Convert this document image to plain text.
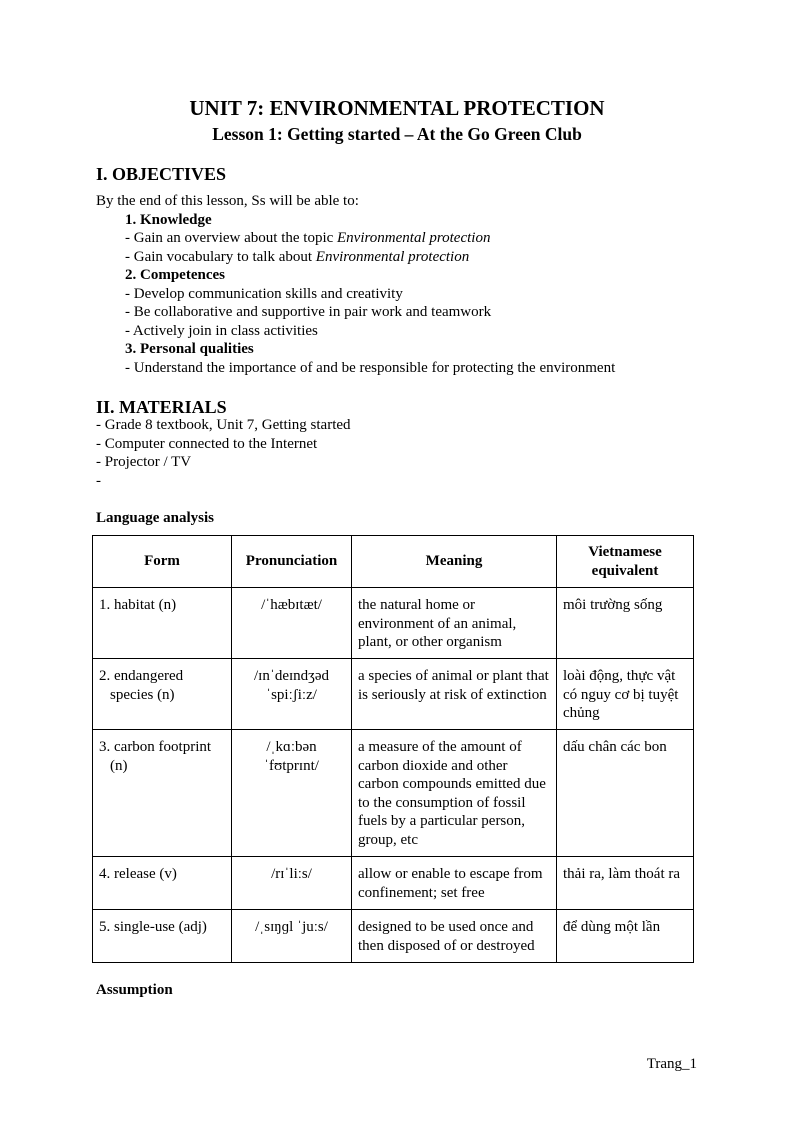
UNIT 7: ENVIRONMENTAL PROTECTION
Lesson 1: Getting started – At the Go Green Club
I. OBJECTIVES
By the end of this lesson, Ss will be able to:
1. Knowledge
- Gain an overview about the topic Environmental protection
- Gain vocabulary to talk about Environmental protection
2. Competences
- Develop communication skills and creativity
- Be collaborative and supportive in pair work and teamwork
- Actively join in class activities
3. Personal qualities
- Understand the importance of and be responsible for protecting the environment
II. MATERIALS
- Grade 8 textbook, Unit 7, Getting started
- Computer connected to the Internet
- Projector / TV
-
Language analysis
Form	Pronunciation	Meaning	Vietnamese equivalent
1. habitat (n)	/ˈhæbɪtæt/	the natural home or environment of an animal, plant, or other organism	môi trường sống
2. endangered species (n)	/ɪnˈdeɪndʒəd ˈspiːʃiːz/	a species of animal or plant that is seriously at risk of extinction	loài động, thực vật có nguy cơ bị tuyệt chủng
3. carbon footprint (n)	/ˌkɑːbən ˈfʊtprɪnt/	a measure of the amount of carbon dioxide and other carbon compounds emitted due to the consumption of fossil fuels by a particular person, group, etc	dấu chân các bon
4. release (v)	/rɪˈliːs/	allow or enable to escape from confinement; set free	thải ra, làm thoát ra
5. single-use (adj)	/ˌsɪŋɡl ˈjuːs/	designed to be used once and then disposed of or destroyed	để dùng một lần
Assumption
Trang_1
